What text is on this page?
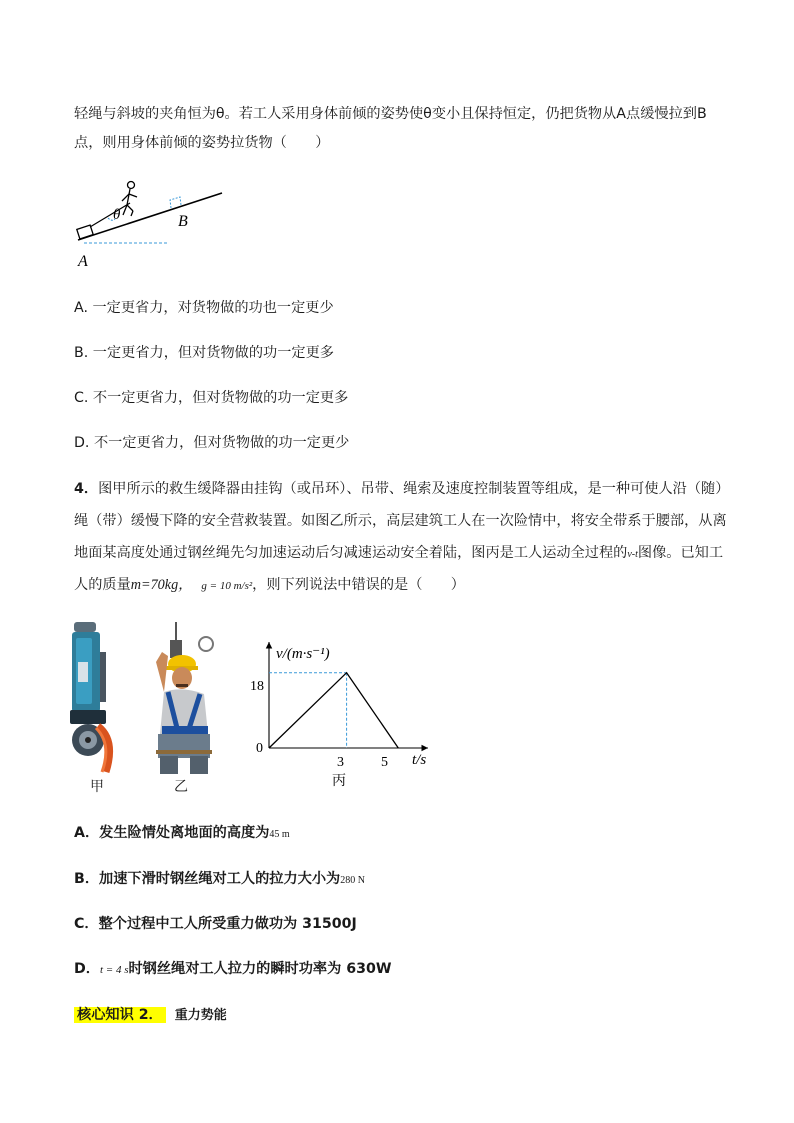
轻绳与斜坡的夹角恒为θ。若工人采用身体前倾的姿势使θ变小且保持恒定，仍把货物从A点缓慢拉到B
点，则用身体前倾的姿势拉货物（　　）
θ	B
A
A. 一定更省力，对货物做的功也一定更少
B. 一定更省力，但对货物做的功一定更多
C. 不一定更省力，但对货物做的功一定更多
D. 不一定更省力，但对货物做的功一定更少
4．图甲所示的救生缓降器由挂钩（或吊环）、吊带、绳索及速度控制装置等组成，是一种可使人沿（随）
绳（带）缓慢下降的安全营救装置。如图乙所示，高层建筑工人在一次险情中，将安全带系于腰部，从离
地面某高度处通过钢丝绳先匀加速运动后匀减速运动安全着陆，图丙是工人运动全过程的v-t图像。已知工
人的质量m=70kg， g = 10 m/s²，则下列说法中错误的是（　　）
甲	乙
v/(m·s⁻¹)
t/s
18
0
3	5
丙
A．发生险情处离地面的高度为45 m
B．加速下滑时钢丝绳对工人的拉力大小为280 N
C．整个过程中工人所受重力做功为 31500J
D．t = 4 s时钢丝绳对工人拉力的瞬时功率为 630W
核心知识 2． 重力势能
